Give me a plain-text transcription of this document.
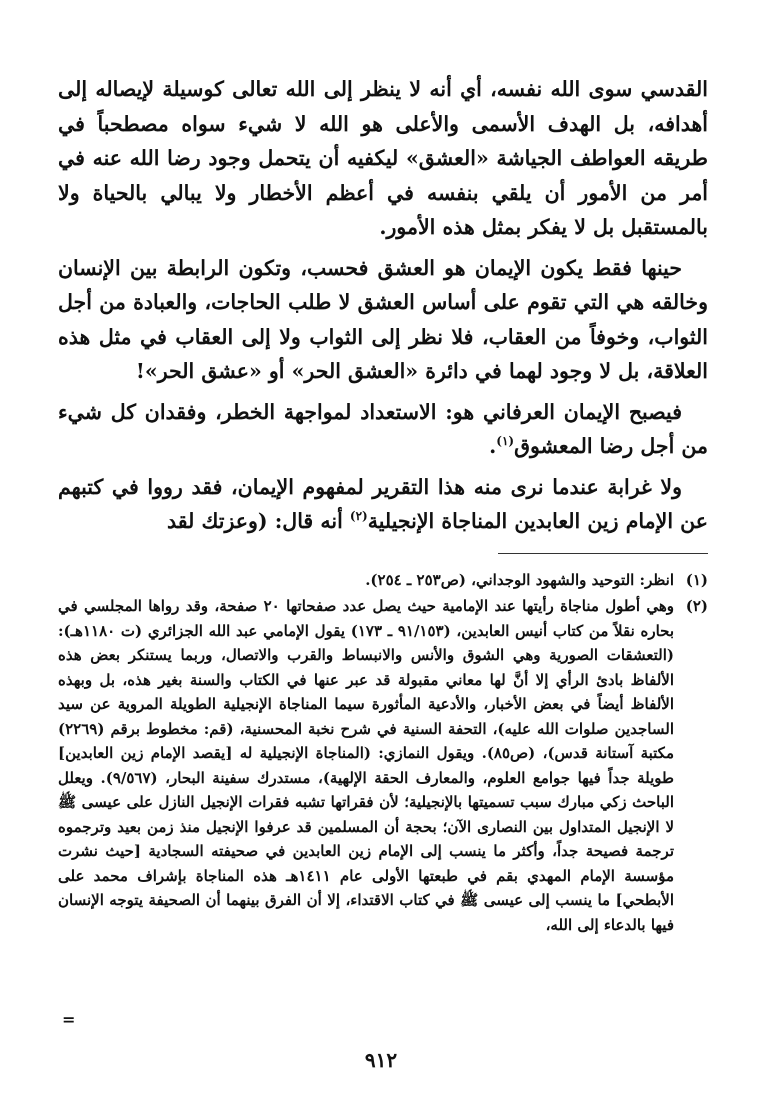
القدسي سوى الله نفسه، أي أنه لا ينظر إلى الله تعالى كوسيلة لإيصاله إلى أهدافه، بل الهدف الأسمى والأعلى هو الله لا شيء سواه مصطحباً في طريقه العواطف الجياشة «العشق» ليكفيه أن يتحمل وجود رضا الله عنه في أمر من الأمور أن يلقي بنفسه في أعظم الأخطار ولا يبالي بالحياة ولا بالمستقبل بل لا يفكر بمثل هذه الأمور.

حينها فقط يكون الإيمان هو العشق فحسب، وتكون الرابطة بين الإنسان وخالقه هي التي تقوم على أساس العشق لا طلب الحاجات، والعبادة من أجل الثواب، وخوفاً من العقاب، فلا نظر إلى الثواب ولا إلى العقاب في مثل هذه العلاقة، بل لا وجود لهما في دائرة «العشق الحر» أو «عشق الحر»!

فيصبح الإيمان العرفاني هو: الاستعداد لمواجهة الخطر، وفقدان كل شيء من أجل رضا المعشوق$^{(١)}$.

ولا غرابة عندما نرى منه هذا التقرير لمفهوم الإيمان، فقد رووا في كتبهم عن الإمام زين العابدين المناجاة الإنجيلية$^{(٢)}$ أنه قال: (وعزتك لقد

(١)
انظر: التوحيد والشهود الوجداني، (ص٢٥٣ ـ ٢٥٤).
(٢)
وهي أطول مناجاة رأيتها عند الإمامية حيث يصل عدد صفحاتها ٢٠ صفحة، وقد رواها المجلسي في بحاره نقلاً من كتاب أنيس العابدين، (٩١/١٥٣ ـ ١٧٣) يقول الإمامي عبد الله الجزائري (ت ١١٨٠هـ): (التعشقات الصورية وهي الشوق والأنس والانبساط والقرب والاتصال، وربما يستنكر بعض هذه الألفاظ بادئ الرأي إلا أنَّ لها معاني مقبولة قد عبر عنها في الكتاب والسنة بغير هذه، بل وبهذه الألفاظ أيضاً في بعض الأخبار، والأدعية المأثورة سيما المناجاة الإنجيلية الطويلة المروية عن سيد الساجدين صلوات الله عليه)، التحفة السنية في شرح نخبة المحسنية، (قم: مخطوط برقم (٢٢٦٩) مكتبة آستانة قدس)، (ص٨٥). ويقول النمازي: (المناجاة الإنجيلية له [يقصد الإمام زين العابدين] طويلة جداً فيها جوامع العلوم، والمعارف الحقة الإلهية)، مستدرك سفينة البحار، (٩/٥٦٧). ويعلل الباحث زكي مبارك سبب تسميتها بالإنجيلية؛ لأن فقراتها تشبه فقرات الإنجيل النازل على عيسى ﷺ لا الإنجيل المتداول بين النصارى الآن؛ بحجة أن المسلمين قد عرفوا الإنجيل منذ زمن بعيد وترجموه ترجمة فصيحة جداً، وأكثر ما ينسب إلى الإمام زين العابدين في صحيفته السجادية [حيث نشرت مؤسسة الإمام المهدي بقم في طبعتها الأولى عام ١٤١١هـ هذه المناجاة بإشراف محمد على الأبطحي] ما ينسب إلى عيسى ﷺ في كتاب الاقتداء، إلا أن الفرق بينهما أن الصحيفة يتوجه الإنسان فيها بالدعاء إلى الله،
=
٩١٢
